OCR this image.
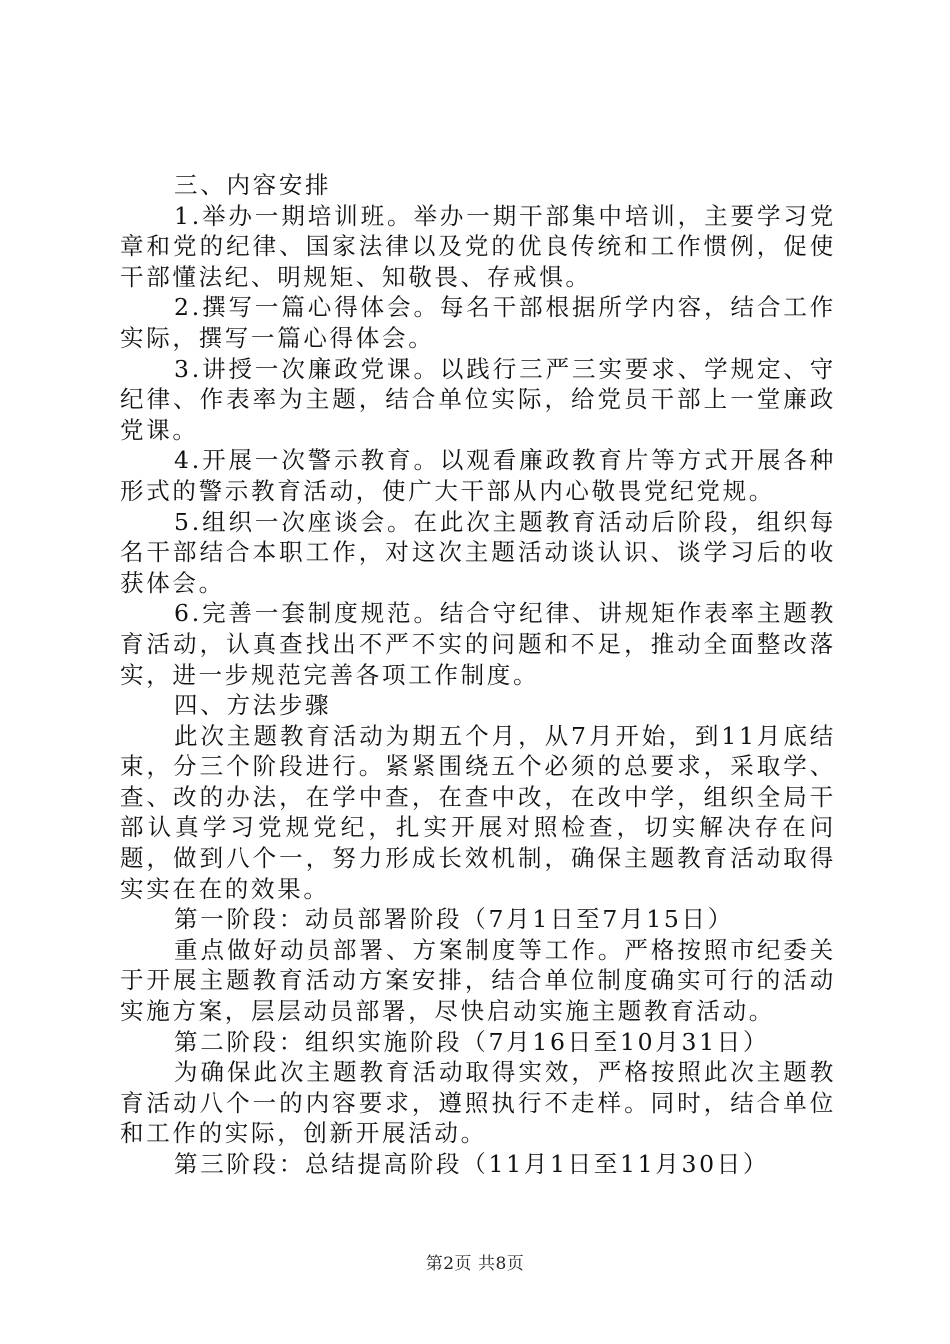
三、内容安排

1.举办一期培训班。举办一期干部集中培训，主要学习党章和党的纪律、国家法律以及党的优良传统和工作惯例，促使干部懂法纪、明规矩、知敬畏、存戒惧。

2.撰写一篇心得体会。每名干部根据所学内容，结合工作实际，撰写一篇心得体会。

3.讲授一次廉政党课。以践行三严三实要求、学规定、守纪律、作表率为主题，结合单位实际，给党员干部上一堂廉政党课。

4.开展一次警示教育。以观看廉政教育片等方式开展各种形式的警示教育活动，使广大干部从内心敬畏党纪党规。

5.组织一次座谈会。在此次主题教育活动后阶段，组织每名干部结合本职工作，对这次主题活动谈认识、谈学习后的收获体会。

6.完善一套制度规范。结合守纪律、讲规矩作表率主题教育活动，认真查找出不严不实的问题和不足，推动全面整改落实，进一步规范完善各项工作制度。

四、方法步骤

此次主题教育活动为期五个月，从7月开始，到11月底结束，分三个阶段进行。紧紧围绕五个必须的总要求，采取学、查、改的办法，在学中查，在查中改，在改中学，组织全局干部认真学习党规党纪，扎实开展对照检查，切实解决存在问题，做到八个一，努力形成长效机制，确保主题教育活动取得实实在在的效果。

第一阶段：动员部署阶段（7月1日至7月15日）

重点做好动员部署、方案制度等工作。严格按照市纪委关于开展主题教育活动方案安排，结合单位制度确实可行的活动实施方案，层层动员部署，尽快启动实施主题教育活动。

第二阶段：组织实施阶段（7月16日至10月31日）

为确保此次主题教育活动取得实效，严格按照此次主题教育活动八个一的内容要求，遵照执行不走样。同时，结合单位和工作的实际，创新开展活动。

第三阶段：总结提高阶段（11月1日至11月30日）

第2页 共8页
